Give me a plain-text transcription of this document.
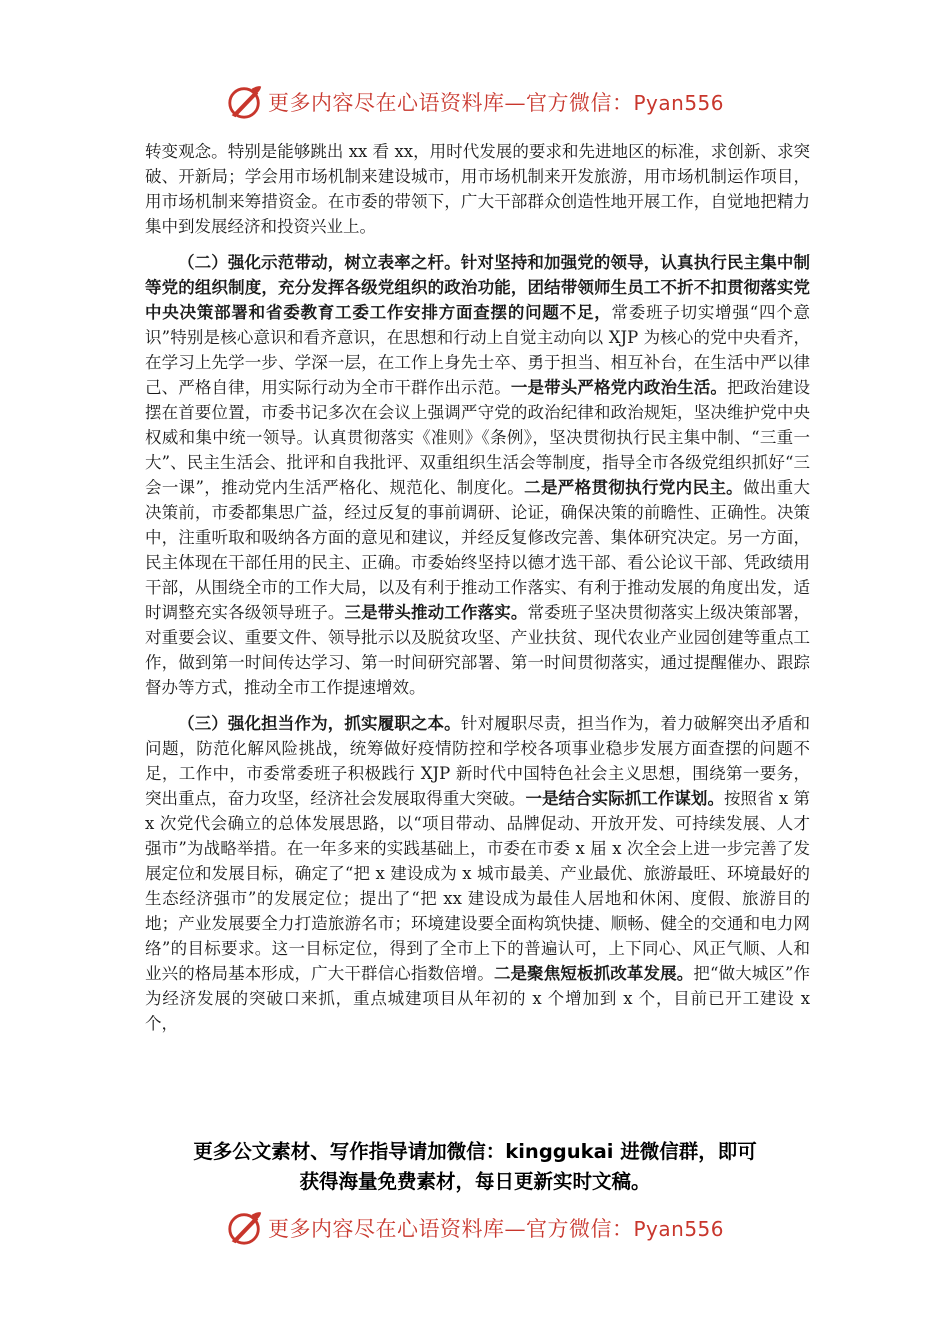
更多内容尽在心语资料库—官方微信：Pyan556

转变观念。特别是能够跳出 xx 看 xx，用时代发展的要求和先进地区的标准，求创新、求突破、开新局；学会用市场机制来建设城市，用市场机制来开发旅游，用市场机制运作项目，用市场机制来筹措资金。在市委的带领下，广大干部群众创造性地开展工作，自觉地把精力集中到发展经济和投资兴业上。

（二）强化示范带动，树立表率之杆。针对坚持和加强党的领导，认真执行民主集中制等党的组织制度，充分发挥各级党组织的政治功能，团结带领师生员工不折不扣贯彻落实党中央决策部署和省委教育工委工作安排方面查摆的问题不足，常委班子切实增强“四个意识”特别是核心意识和看齐意识，在思想和行动上自觉主动向以 XJP 为核心的党中央看齐，在学习上先学一步、学深一层，在工作上身先士卒、勇于担当、相互补台，在生活中严以律己、严格自律，用实际行动为全市干群作出示范。一是带头严格党内政治生活。把政治建设摆在首要位置，市委书记多次在会议上强调严守党的政治纪律和政治规矩，坚决维护党中央权威和集中统一领导。认真贯彻落实《准则》《条例》，坚决贯彻执行民主集中制、“三重一大”、民主生活会、批评和自我批评、双重组织生活会等制度，指导全市各级党组织抓好“三会一课”，推动党内生活严格化、规范化、制度化。二是严格贯彻执行党内民主。做出重大决策前，市委都集思广益，经过反复的事前调研、论证，确保决策的前瞻性、正确性。决策中，注重听取和吸纳各方面的意见和建议，并经反复修改完善、集体研究决定。另一方面，民主体现在干部任用的民主、正确。市委始终坚持以德才选干部、看公论议干部、凭政绩用干部，从围绕全市的工作大局，以及有利于推动工作落实、有利于推动发展的角度出发，适时调整充实各级领导班子。三是带头推动工作落实。常委班子坚决贯彻落实上级决策部署，对重要会议、重要文件、领导批示以及脱贫攻坚、产业扶贫、现代农业产业园创建等重点工作，做到第一时间传达学习、第一时间研究部署、第一时间贯彻落实，通过提醒催办、跟踪督办等方式，推动全市工作提速增效。

（三）强化担当作为，抓实履职之本。针对履职尽责，担当作为，着力破解突出矛盾和问题，防范化解风险挑战，统筹做好疫情防控和学校各项事业稳步发展方面查摆的问题不足，工作中，市委常委班子积极践行 XJP 新时代中国特色社会主义思想，围绕第一要务，突出重点，奋力攻坚，经济社会发展取得重大突破。一是结合实际抓工作谋划。按照省 x 第 x 次党代会确立的总体发展思路，以“项目带动、品牌促动、开放开发、可持续发展、人才强市”为战略举措。在一年多来的实践基础上，市委在市委 x 届 x 次全会上进一步完善了发展定位和发展目标，确定了“把 x 建设成为 x 城市最美、产业最优、旅游最旺、环境最好的生态经济强市”的发展定位；提出了“把 xx 建设成为最佳人居地和休闲、度假、旅游目的地；产业发展要全力打造旅游名市；环境建设要全面构筑快捷、顺畅、健全的交通和电力网络”的目标要求。这一目标定位，得到了全市上下的普遍认可，上下同心、风正气顺、人和业兴的格局基本形成，广大干群信心指数倍增。二是聚焦短板抓改革发展。把“做大城区”作为经济发展的突破口来抓，重点城建项目从年初的 x 个增加到 x 个，目前已开工建设 x 个，

更多公文素材、写作指导请加微信：kinggukai 进微信群，即可
获得海量免费素材，每日更新实时文稿。
更多内容尽在心语资料库—官方微信：Pyan556
